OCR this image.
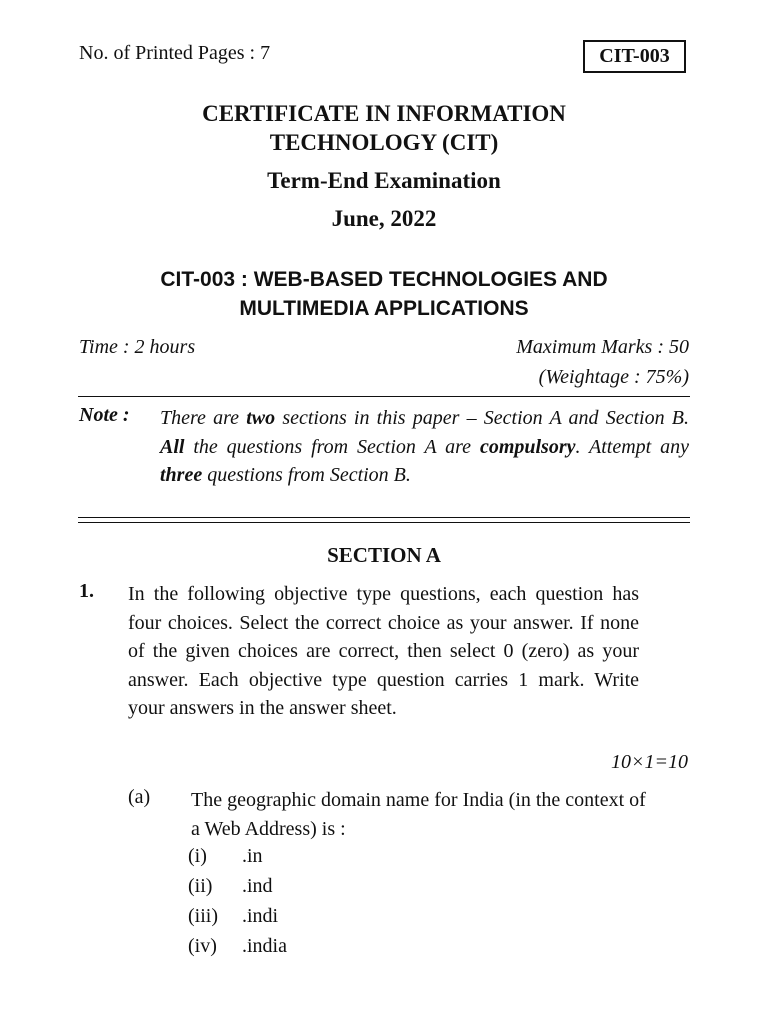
No. of Printed Pages : 7	CIT-003
CERTIFICATE IN INFORMATION
TECHNOLOGY (CIT)
Term-End Examination
June, 2022
CIT-003 : WEB-BASED TECHNOLOGIES AND
MULTIMEDIA APPLICATIONS
Time : 2 hours	Maximum Marks : 50
(Weightage : 75%)
Note : There are two sections in this paper – Section A and Section B. All the questions from Section A are compulsory. Attempt any three questions from Section B.
SECTION A
1. In the following objective type questions, each question has four choices. Select the correct choice as your answer. If none of the given choices are correct, then select 0 (zero) as your answer. Each objective type question carries 1 mark. Write your answers in the answer sheet.
10×1=10
(a) The geographic domain name for India (in the context of a Web Address) is :
(i) .in
(ii) .ind
(iii) .indi
(iv) .india
